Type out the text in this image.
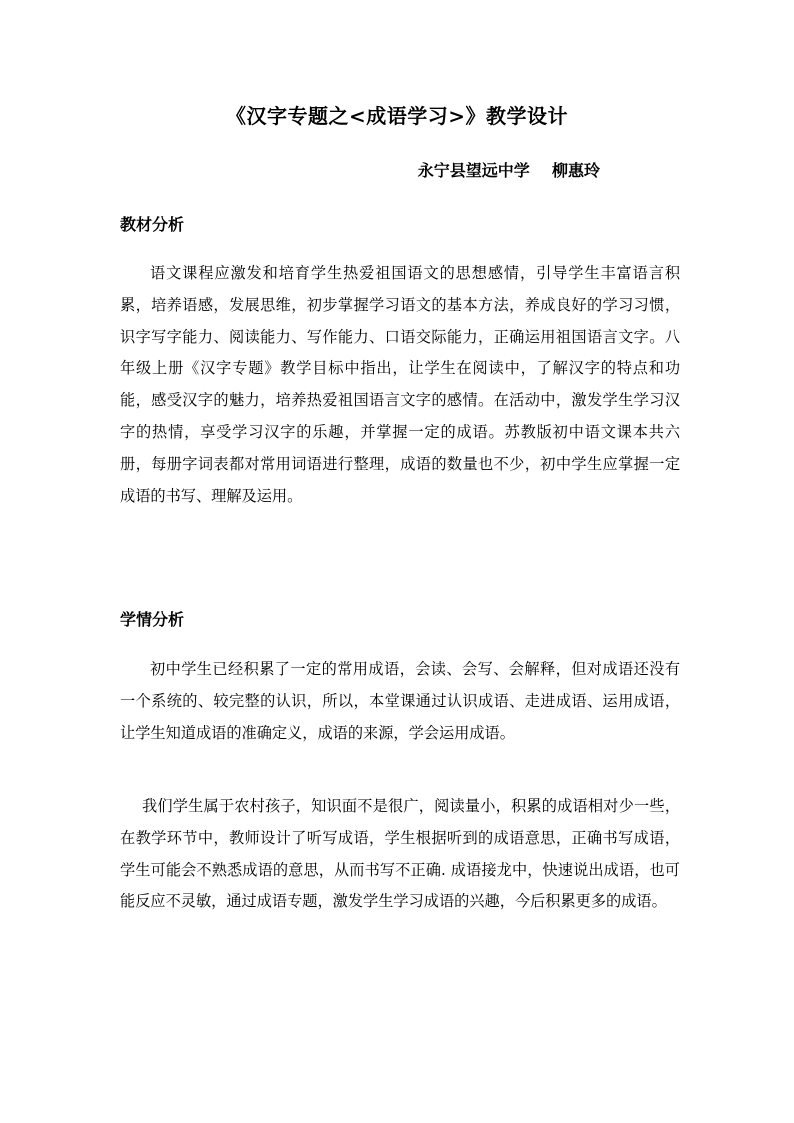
《汉字专题之<成语学习>》教学设计
永宁县望远中学    柳惠玲
教材分析

语文课程应激发和培育学生热爱祖国语文的思想感情，引导学生丰富语言积累，培养语感，发展思维，初步掌握学习语文的基本方法，养成良好的学习习惯，识字写字能力、阅读能力、写作能力、口语交际能力，正确运用祖国语言文字。八年级上册《汉字专题》教学目标中指出，让学生在阅读中，了解汉字的特点和功能，感受汉字的魅力，培养热爱祖国语言文字的感情。在活动中，激发学生学习汉字的热情，享受学习汉字的乐趣，并掌握一定的成语。苏教版初中语文课本共六册，每册字词表都对常用词语进行整理，成语的数量也不少，初中学生应掌握一定成语的书写、理解及运用。

学情分析

初中学生已经积累了一定的常用成语，会读、会写、会解释，但对成语还没有一个系统的、较完整的认识，所以，本堂课通过认识成语、走进成语、运用成语，让学生知道成语的准确定义，成语的来源，学会运用成语。

我们学生属于农村孩子，知识面不是很广，阅读量小，积累的成语相对少一些，在教学环节中，教师设计了听写成语，学生根据听到的成语意思，正确书写成语，学生可能会不熟悉成语的意思，从而书写不正确. 成语接龙中，快速说出成语，也可能反应不灵敏，通过成语专题，激发学生学习成语的兴趣，今后积累更多的成语。
